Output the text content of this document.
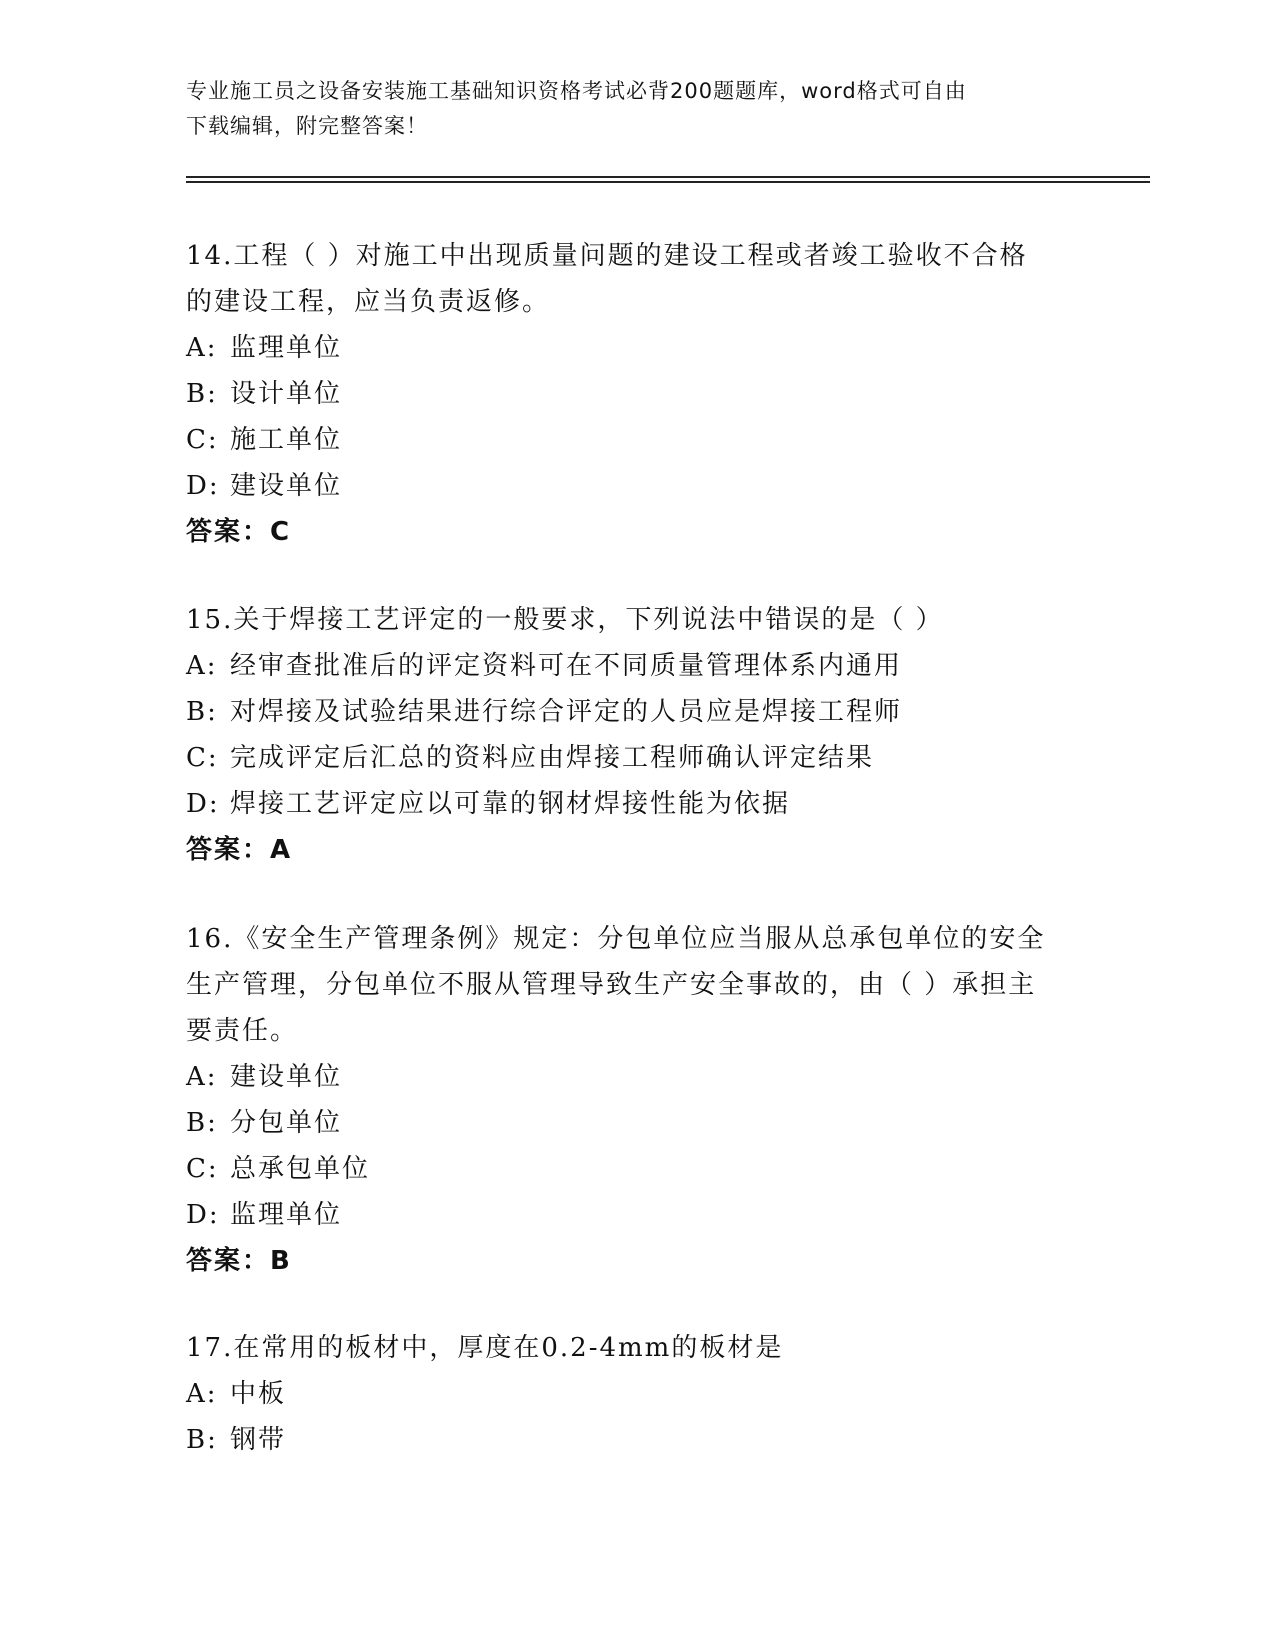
专业施工员之设备安装施工基础知识资格考试必背200题题库，word格式可自由
下载编辑，附完整答案！

14.工程（ ）对施工中出现质量问题的建设工程或者竣工验收不合格

的建设工程，应当负责返修。

A: 监理单位

B: 设计单位

C: 施工单位

D: 建设单位

答案：C

15.关于焊接工艺评定的一般要求，下列说法中错误的是（ ）

A: 经审查批准后的评定资料可在不同质量管理体系内通用

B: 对焊接及试验结果进行综合评定的人员应是焊接工程师

C: 完成评定后汇总的资料应由焊接工程师确认评定结果

D: 焊接工艺评定应以可靠的钢材焊接性能为依据

答案：A

16.《安全生产管理条例》规定：分包单位应当服从总承包单位的安全

生产管理，分包单位不服从管理导致生产安全事故的，由（ ）承担主

要责任。

A: 建设单位

B: 分包单位

C: 总承包单位

D: 监理单位

答案：B

17.在常用的板材中，厚度在0.2-4mm的板材是

A: 中板

B: 钢带
